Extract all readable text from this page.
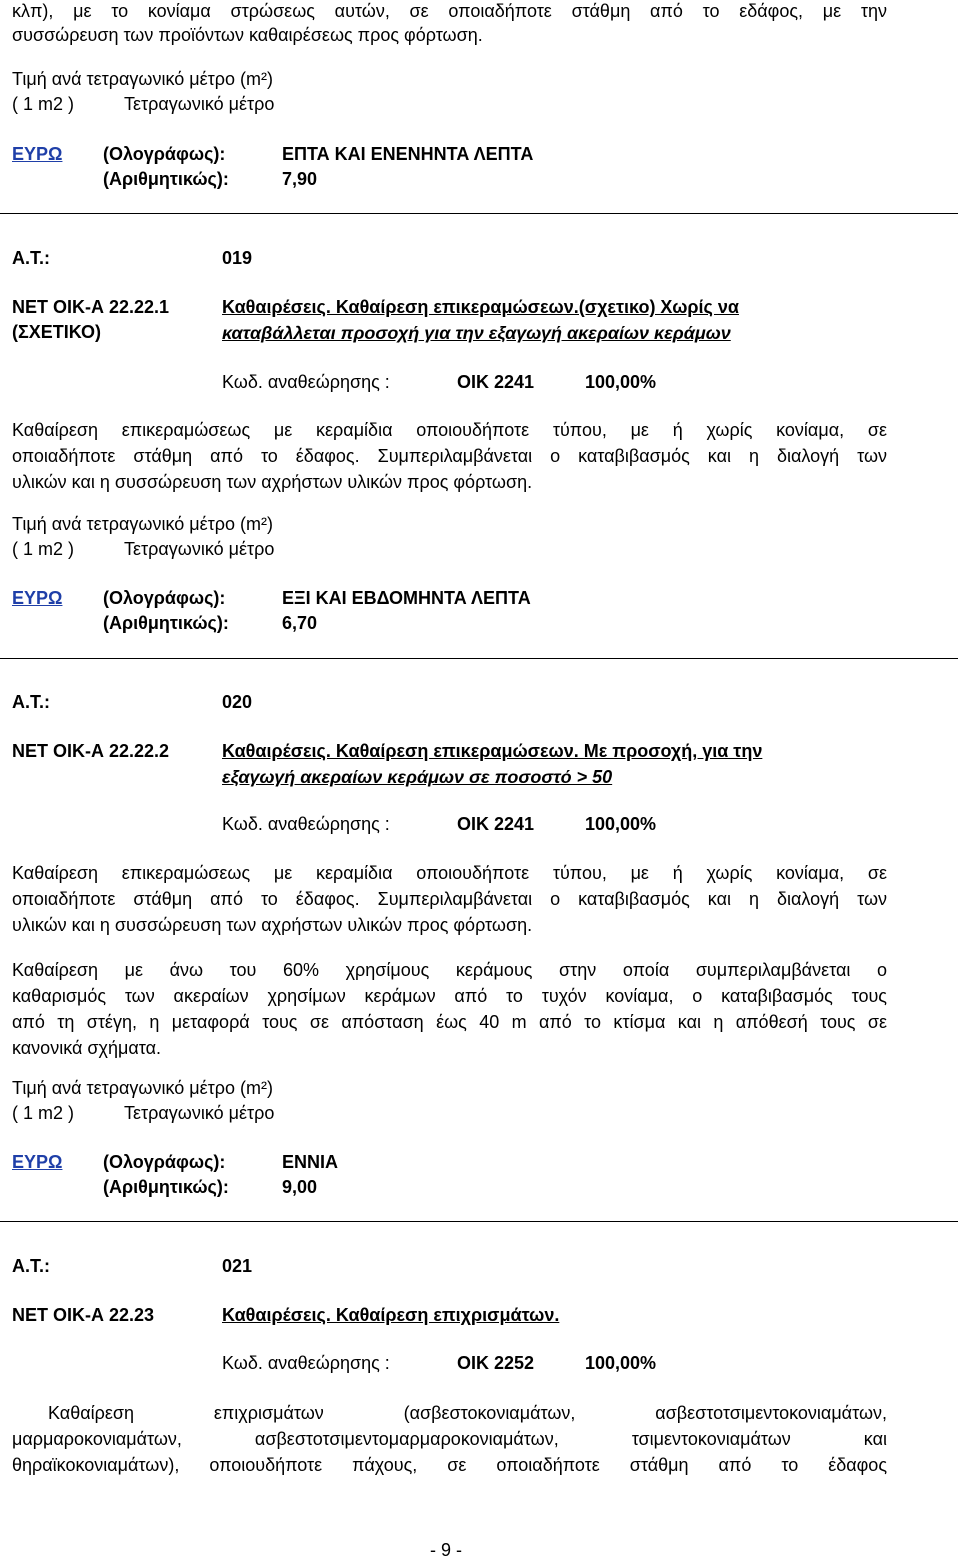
κλπ), με το κονίαμα στρώσεως αυτών, σε οποιαδήποτε στάθμη από το εδάφος, με την
συσσώρευση των προϊόντων καθαιρέσεως προς φόρτωση.
Τιμή ανά τετραγωνικό μέτρο (m²)
( 1 m2 )	Τετραγωνικό μέτρο
ΕΥΡΩ (Ολογράφως):	ΕΠΤΑ ΚΑΙ ΕΝΕΝΗΝΤΑ ΛΕΠΤΑ
(Αριθμητικώς):	7,90
Α.Τ.:	019
ΝΕΤ ΟΙΚ-Α 22.22.1
(ΣΧΕΤΙΚΟ)
Καθαιρέσεις. Καθαίρεση επικεραμώσεων.(σχετικο) Χωρίς να
καταβάλλεται προσοχή για την εξαγωγή ακεραίων κεράμων
Κωδ. αναθεώρησης :	ΟΙΚ 2241	100,00%
Καθαίρεση επικεραμώσεως με κεραμίδια οποιουδήποτε τύπου, με ή χωρίς κονίαμα, σε
οποιαδήποτε στάθμη από το έδαφος. Συμπεριλαμβάνεται ο καταβιβασμός και η διαλογή των
υλικών και η συσσώρευση των αχρήστων υλικών προς φόρτωση.
Τιμή ανά τετραγωνικό μέτρο (m²)
( 1 m2 )	Τετραγωνικό μέτρο
ΕΥΡΩ (Ολογράφως):	ΕΞΙ ΚΑΙ ΕΒΔΟΜΗΝΤΑ ΛΕΠΤΑ
(Αριθμητικώς):	6,70
Α.Τ.:	020
ΝΕΤ ΟΙΚ-Α 22.22.2	Καθαιρέσεις. Καθαίρεση επικεραμώσεων. Με προσοχή, για την
εξαγωγή ακεραίων κεράμων σε ποσοστό > 50
Κωδ. αναθεώρησης :	ΟΙΚ 2241	100,00%
Καθαίρεση επικεραμώσεως με κεραμίδια οποιουδήποτε τύπου, με ή χωρίς κονίαμα, σε
οποιαδήποτε στάθμη από το έδαφος. Συμπεριλαμβάνεται ο καταβιβασμός και η διαλογή των
υλικών και η συσσώρευση των αχρήστων υλικών προς φόρτωση.
Καθαίρεση με άνω του 60% χρησίμους κεράμους στην οποία συμπεριλαμβάνεται ο
καθαρισμός των ακεραίων χρησίμων κεράμων από το τυχόν κονίαμα, ο καταβιβασμός τους
από τη στέγη, η μεταφορά τους σε απόσταση έως 40 m από το κτίσμα και η απόθεσή τους σε
κανονικά σχήματα.
Τιμή ανά τετραγωνικό μέτρο (m²)
( 1 m2 )	Τετραγωνικό μέτρο
ΕΥΡΩ (Ολογράφως):	ΕΝΝΙΑ
(Αριθμητικώς):	9,00
Α.Τ.:	021
ΝΕΤ ΟΙΚ-Α 22.23	Καθαιρέσεις. Καθαίρεση επιχρισμάτων.
Κωδ. αναθεώρησης :	ΟΙΚ 2252	100,00%
Καθαίρεση επιχρισμάτων (ασβεστοκονιαμάτων, ασβεστοτσιμεντοκονιαμάτων,
μαρμαροκονιαμάτων, ασβεστοτσιμεντομαρμαροκονιαμάτων, τσιμεντοκονιαμάτων και
θηραϊκοκονιαμάτων), οποιουδήποτε πάχους, σε οποιαδήποτε στάθμη από το έδαφος
- 9 -
